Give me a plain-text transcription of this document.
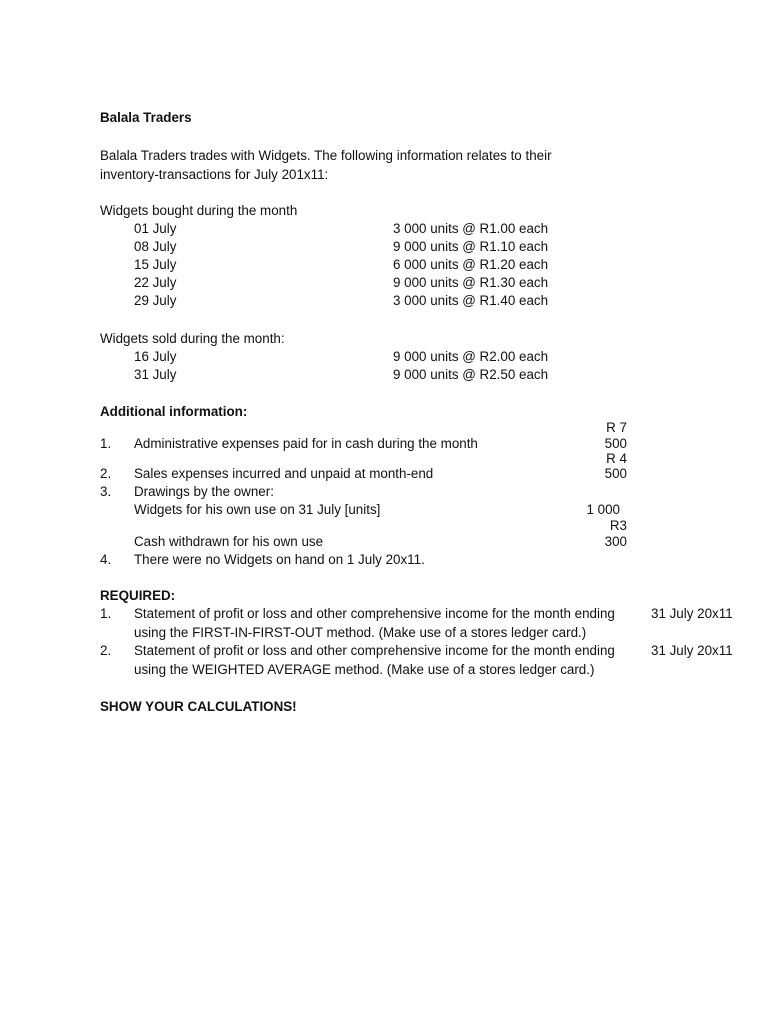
Balala Traders
Balala Traders trades with Widgets. The following information relates to their
inventory-transactions for July 201x11:
Widgets bought during the month
01 July	3 000 units @ R1.00 each
08 July	9 000 units @ R1.10 each
15 July	6 000 units @ R1.20 each
22 July	9 000 units @ R1.30 each
29 July	3 000 units @ R1.40 each
Widgets sold during the month:
16 July	9 000 units @ R2.00 each
31 July	9 000 units @ R2.50 each
Additional information:
R 7
1. Administrative expenses paid for in cash during the month	500
R 4
2. Sales expenses incurred and unpaid at month-end	500
3. Drawings by the owner:
Widgets for his own use on 31 July [units]	1 000
R3
Cash withdrawn for his own use	300
4. There were no Widgets on hand on 1 July 20x11.
REQUIRED:
1. Statement of profit or loss and other comprehensive income for the month ending	31 July 20x11
using the FIRST-IN-FIRST-OUT method. (Make use of a stores ledger card.)
2. Statement of profit or loss and other comprehensive income for the month ending	31 July 20x11
using the WEIGHTED AVERAGE method. (Make use of a stores ledger card.)
SHOW YOUR CALCULATIONS!
